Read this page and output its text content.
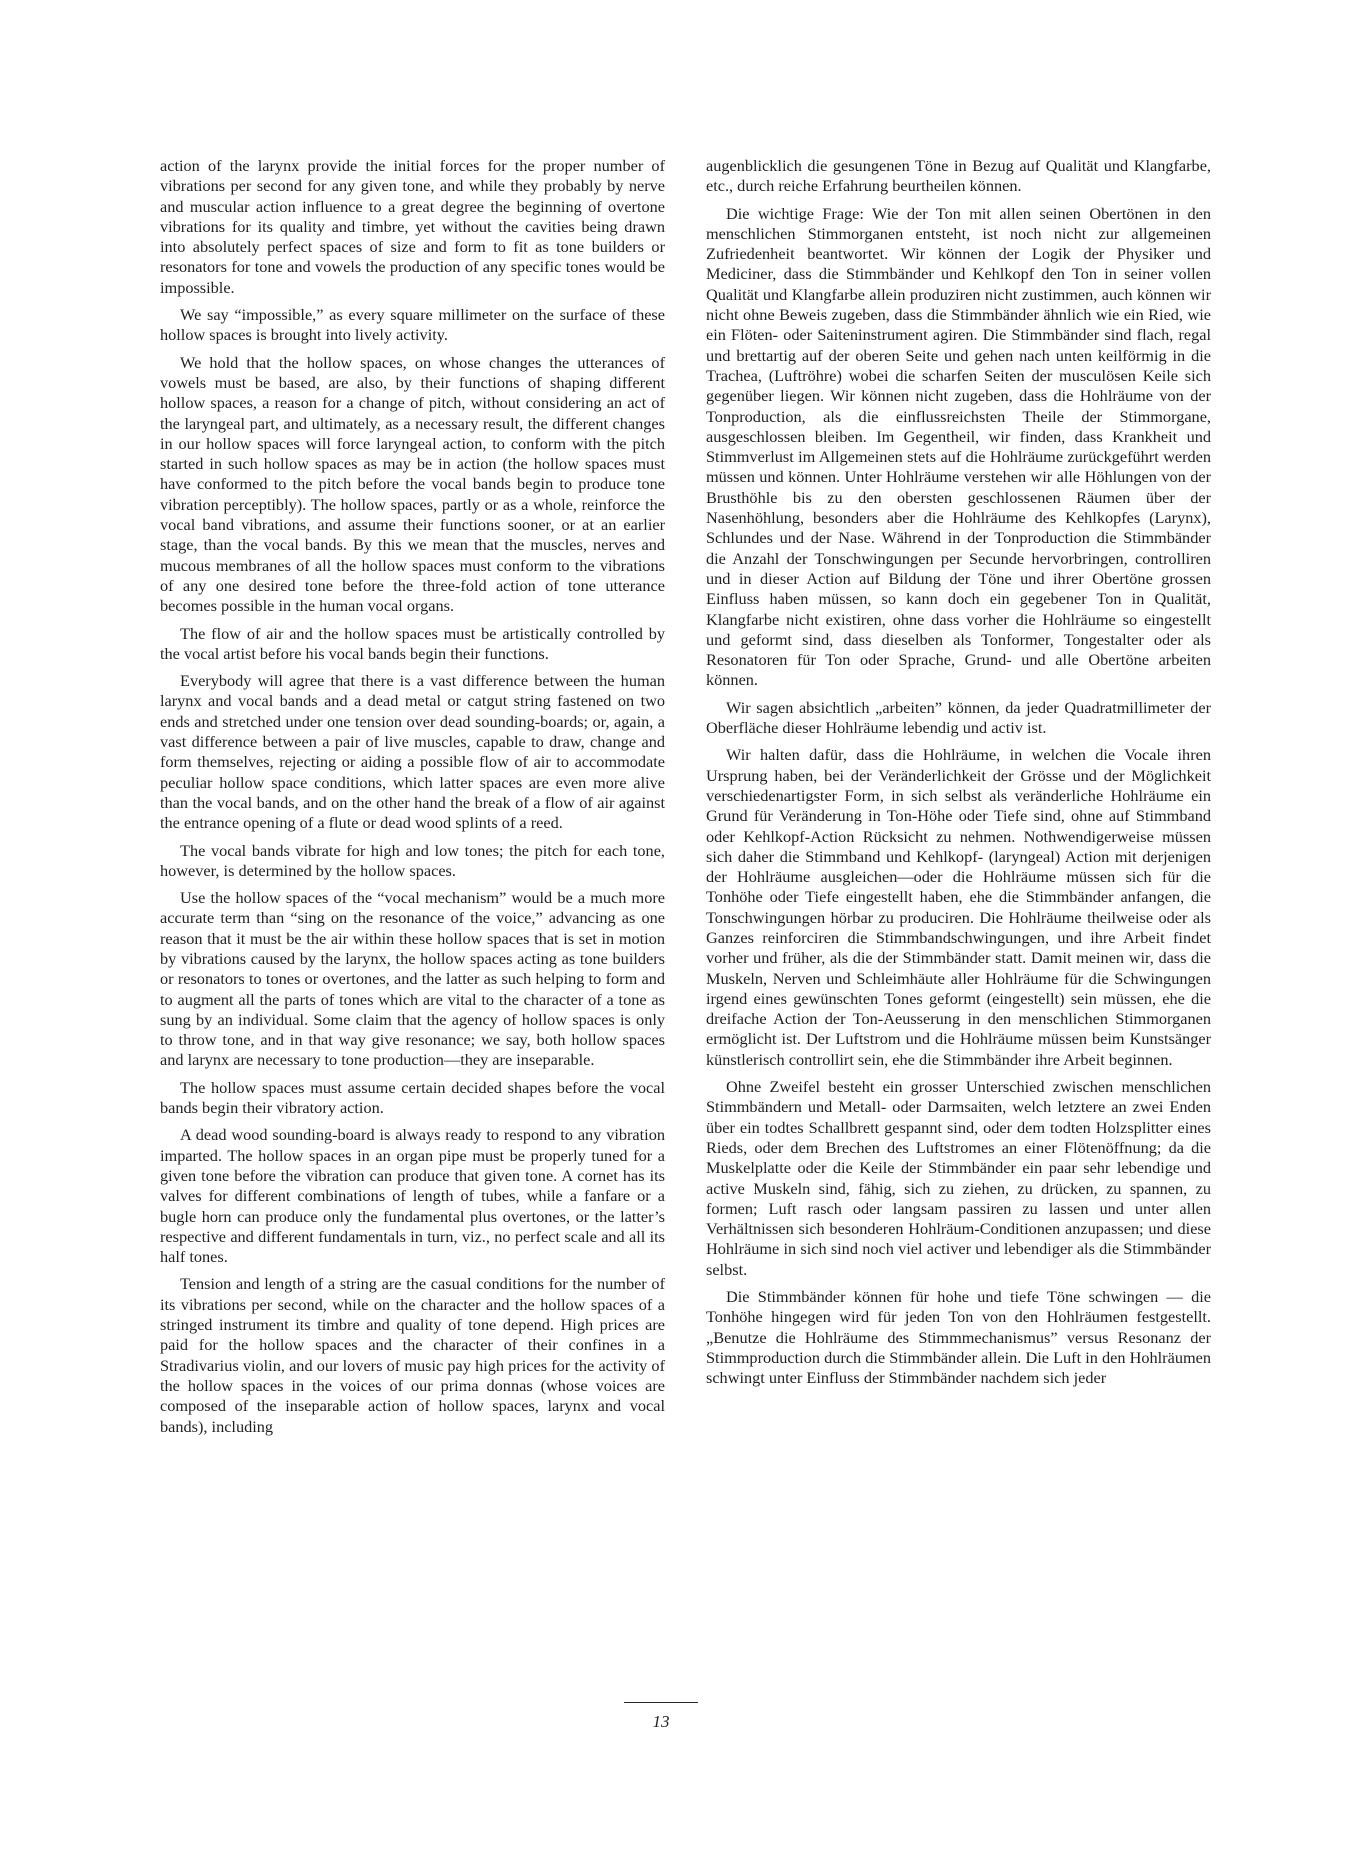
action of the larynx provide the initial forces for the proper number of vibrations per second for any given tone, and while they probably by nerve and muscular action influence to a great degree the beginning of overtone vibrations for its quality and timbre, yet without the cavities being drawn into absolutely perfect spaces of size and form to fit as tone builders or resonators for tone and vowels the production of any specific tones would be impossible.

We say “impossible,” as every square millimeter on the surface of these hollow spaces is brought into lively activity.

We hold that the hollow spaces, on whose changes the utterances of vowels must be based, are also, by their functions of shaping different hollow spaces, a reason for a change of pitch, without considering an act of the laryngeal part, and ultimately, as a necessary result, the different changes in our hollow spaces will force laryngeal action, to conform with the pitch started in such hollow spaces as may be in action (the hollow spaces must have conformed to the pitch before the vocal bands begin to produce tone vibration perceptibly). The hollow spaces, partly or as a whole, reinforce the vocal band vibrations, and assume their functions sooner, or at an earlier stage, than the vocal bands. By this we mean that the muscles, nerves and mucous membranes of all the hollow spaces must conform to the vibrations of any one desired tone before the three-fold action of tone utterance becomes possible in the human vocal organs.

The flow of air and the hollow spaces must be artistically controlled by the vocal artist before his vocal bands begin their functions.

Everybody will agree that there is a vast difference between the human larynx and vocal bands and a dead metal or catgut string fastened on two ends and stretched under one tension over dead sounding-boards; or, again, a vast difference between a pair of live muscles, capable to draw, change and form themselves, rejecting or aiding a possible flow of air to accommodate peculiar hollow space conditions, which latter spaces are even more alive than the vocal bands, and on the other hand the break of a flow of air against the entrance opening of a flute or dead wood splints of a reed.

The vocal bands vibrate for high and low tones; the pitch for each tone, however, is determined by the hollow spaces.

Use the hollow spaces of the “vocal mechanism” would be a much more accurate term than “sing on the resonance of the voice,” advancing as one reason that it must be the air within these hollow spaces that is set in motion by vibrations caused by the larynx, the hollow spaces acting as tone builders or resonators to tones or overtones, and the latter as such helping to form and to augment all the parts of tones which are vital to the character of a tone as sung by an individual. Some claim that the agency of hollow spaces is only to throw tone, and in that way give resonance; we say, both hollow spaces and larynx are necessary to tone production—they are inseparable.

The hollow spaces must assume certain decided shapes before the vocal bands begin their vibratory action.

A dead wood sounding-board is always ready to respond to any vibration imparted. The hollow spaces in an organ pipe must be properly tuned for a given tone before the vibration can produce that given tone. A cornet has its valves for different combinations of length of tubes, while a fanfare or a bugle horn can produce only the fundamental plus overtones, or the latter’s respective and different fundamentals in turn, viz., no perfect scale and all its half tones.

Tension and length of a string are the casual conditions for the number of its vibrations per second, while on the character and the hollow spaces of a stringed instrument its timbre and quality of tone depend. High prices are paid for the hollow spaces and the character of their confines in a Stradivarius violin, and our lovers of music pay high prices for the activity of the hollow spaces in the voices of our prima donnas (whose voices are composed of the inseparable action of hollow spaces, larynx and vocal bands), including

augenblicklich die gesungenen Töne in Bezug auf Qualität und Klangfarbe, etc., durch reiche Erfahrung beurtheilen können.

Die wichtige Frage: Wie der Ton mit allen seinen Obertönen in den menschlichen Stimmorganen entsteht, ist noch nicht zur allgemeinen Zufriedenheit beantwortet. Wir können der Logik der Physiker und Mediciner, dass die Stimmbänder und Kehlkopf den Ton in seiner vollen Qualität und Klangfarbe allein produziren nicht zustimmen, auch können wir nicht ohne Beweis zugeben, dass die Stimmbänder ähnlich wie ein Ried, wie ein Flöten- oder Saiteninstrument agiren. Die Stimmbänder sind flach, regal und brettartig auf der oberen Seite und gehen nach unten keilförmig in die Trachea, (Luftröhre) wobei die scharfen Seiten der musculösen Keile sich gegenüber liegen. Wir können nicht zugeben, dass die Hohlräume von der Tonproduction, als die einflussreichsten Theile der Stimmorgane, ausgeschlossen bleiben. Im Gegentheil, wir finden, dass Krankheit und Stimmverlust im Allgemeinen stets auf die Hohlräume zurückgeführt werden müssen und können. Unter Hohlräume verstehen wir alle Höhlungen von der Brusthöhle bis zu den obersten geschlossenen Räumen über der Nasenhöhlung, besonders aber die Hohlräume des Kehlkopfes (Larynx), Schlundes und der Nase. Während in der Tonproduction die Stimmbänder die Anzahl der Tonschwingungen per Secunde hervorbringen, controlliren und in dieser Action auf Bildung der Töne und ihrer Obertöne grossen Einfluss haben müssen, so kann doch ein gegebener Ton in Qualität, Klangfarbe nicht existiren, ohne dass vorher die Hohlräume so eingestellt und geformt sind, dass dieselben als Tonformer, Tongestalter oder als Resonatoren für Ton oder Sprache, Grund- und alle Obertöne arbeiten können.

Wir sagen absichtlich „arbeiten” können, da jeder Quadratmillimeter der Oberfläche dieser Hohlräume lebendig und activ ist.

Wir halten dafür, dass die Hohlräume, in welchen die Vocale ihren Ursprung haben, bei der Veränderlichkeit der Grösse und der Möglichkeit verschiedenartigster Form, in sich selbst als veränderliche Hohlräume ein Grund für Veränderung in Ton-Höhe oder Tiefe sind, ohne auf Stimmband oder Kehlkopf-Action Rücksicht zu nehmen. Nothwendigerweise müssen sich daher die Stimmband und Kehlkopf- (laryngeal) Action mit derjenigen der Hohlräume ausgleichen—oder die Hohlräume müssen sich für die Tonhöhe oder Tiefe eingestellt haben, ehe die Stimmbänder anfangen, die Tonschwingungen hörbar zu produciren. Die Hohlräume theilweise oder als Ganzes reinforciren die Stimmbandschwingungen, und ihre Arbeit findet vorher und früher, als die der Stimmbänder statt. Damit meinen wir, dass die Muskeln, Nerven und Schleimhäute aller Hohlräume für die Schwingungen irgend eines gewünschten Tones geformt (eingestellt) sein müssen, ehe die dreifache Action der Ton-Aeusserung in den menschlichen Stimmorganen ermöglicht ist. Der Luftstrom und die Hohlräume müssen beim Kunstsänger künstlerisch controllirt sein, ehe die Stimmbänder ihre Arbeit beginnen.

Ohne Zweifel besteht ein grosser Unterschied zwischen menschlichen Stimmbändern und Metall- oder Darmsaiten, welch letztere an zwei Enden über ein todtes Schallbrett gespannt sind, oder dem todten Holzsplitter eines Rieds, oder dem Brechen des Luftstromes an einer Flötenöffnung; da die Muskelplatte oder die Keile der Stimmbänder ein paar sehr lebendige und active Muskeln sind, fähig, sich zu ziehen, zu drücken, zu spannen, zu formen; Luft rasch oder langsam passiren zu lassen und unter allen Verhältnissen sich besonderen Hohlräum-Conditionen anzupassen; und diese Hohlräume in sich sind noch viel activer und lebendiger als die Stimmbänder selbst.

Die Stimmbänder können für hohe und tiefe Töne schwingen — die Tonhöhe hingegen wird für jeden Ton von den Hohlräumen festgestellt. „Benutze die Hohlräume des Stimmmechanismus” versus Resonanz der Stimmproduction durch die Stimmbänder allein. Die Luft in den Hohlräumen schwingt unter Einfluss der Stimmbänder nachdem sich jeder

13
